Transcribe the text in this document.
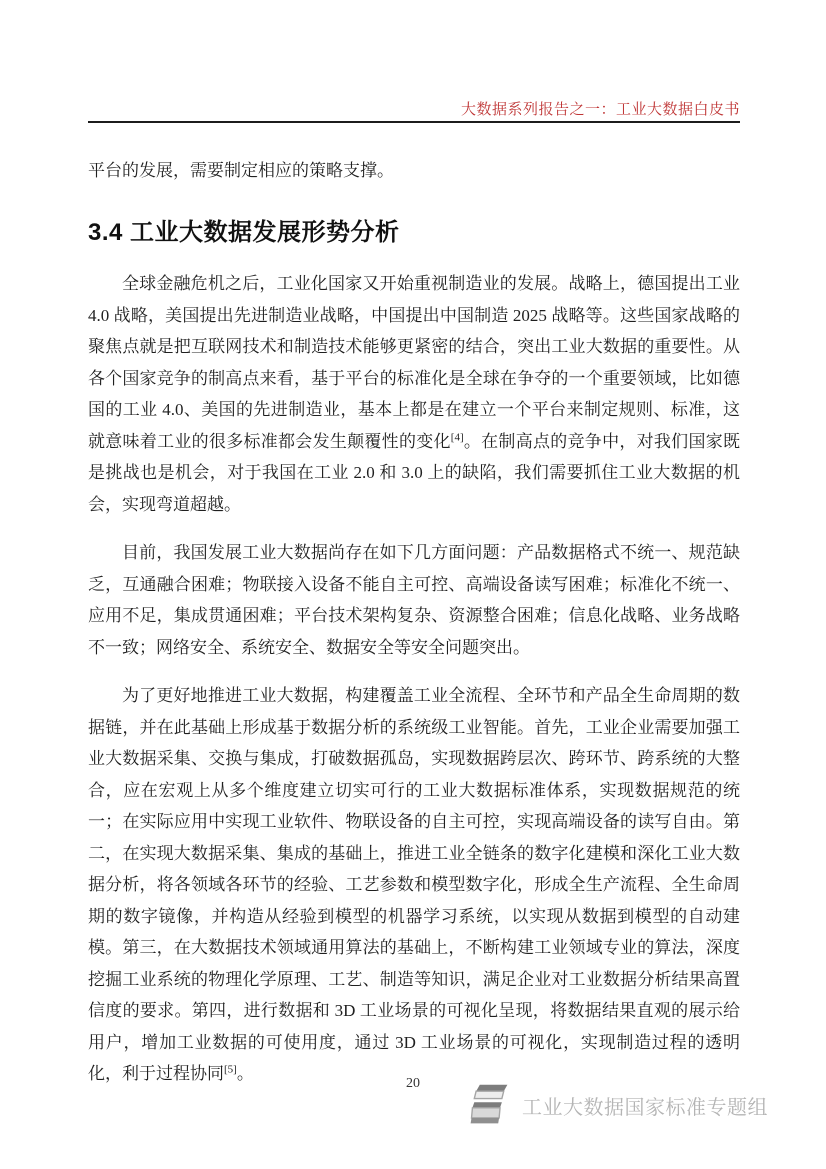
大数据系列报告之一：工业大数据白皮书

平台的发展，需要制定相应的策略支撑。

3.4 工业大数据发展形势分析

全球金融危机之后，工业化国家又开始重视制造业的发展。战略上，德国提出工业 4.0 战略，美国提出先进制造业战略，中国提出中国制造 2025 战略等。这些国家战略的聚焦点就是把互联网技术和制造技术能够更紧密的结合，突出工业大数据的重要性。从各个国家竞争的制高点来看，基于平台的标准化是全球在争夺的一个重要领域，比如德国的工业 4.0、美国的先进制造业，基本上都是在建立一个平台来制定规则、标准，这就意味着工业的很多标准都会发生颠覆性的变化[4]。在制高点的竞争中，对我们国家既是挑战也是机会，对于我国在工业 2.0 和 3.0 上的缺陷，我们需要抓住工业大数据的机会，实现弯道超越。

目前，我国发展工业大数据尚存在如下几方面问题：产品数据格式不统一、规范缺乏，互通融合困难；物联接入设备不能自主可控、高端设备读写困难；标准化不统一、应用不足，集成贯通困难；平台技术架构复杂、资源整合困难；信息化战略、业务战略不一致；网络安全、系统安全、数据安全等安全问题突出。

为了更好地推进工业大数据，构建覆盖工业全流程、全环节和产品全生命周期的数据链，并在此基础上形成基于数据分析的系统级工业智能。首先，工业企业需要加强工业大数据采集、交换与集成，打破数据孤岛，实现数据跨层次、跨环节、跨系统的大整合，应在宏观上从多个维度建立切实可行的工业大数据标准体系，实现数据规范的统一；在实际应用中实现工业软件、物联设备的自主可控，实现高端设备的读写自由。第二，在实现大数据采集、集成的基础上，推进工业全链条的数字化建模和深化工业大数据分析，将各领域各环节的经验、工艺参数和模型数字化，形成全生产流程、全生命周期的数字镜像，并构造从经验到模型的机器学习系统，以实现从数据到模型的自动建模。第三，在大数据技术领域通用算法的基础上，不断构建工业领域专业的算法，深度挖掘工业系统的物理化学原理、工艺、制造等知识，满足企业对工业数据分析结果高置信度的要求。第四，进行数据和 3D 工业场景的可视化呈现，将数据结果直观的展示给用户，增加工业数据的可使用度，通过 3D 工业场景的可视化，实现制造过程的透明化，利于过程协同[5]。

20
工业大数据国家标准专题组
